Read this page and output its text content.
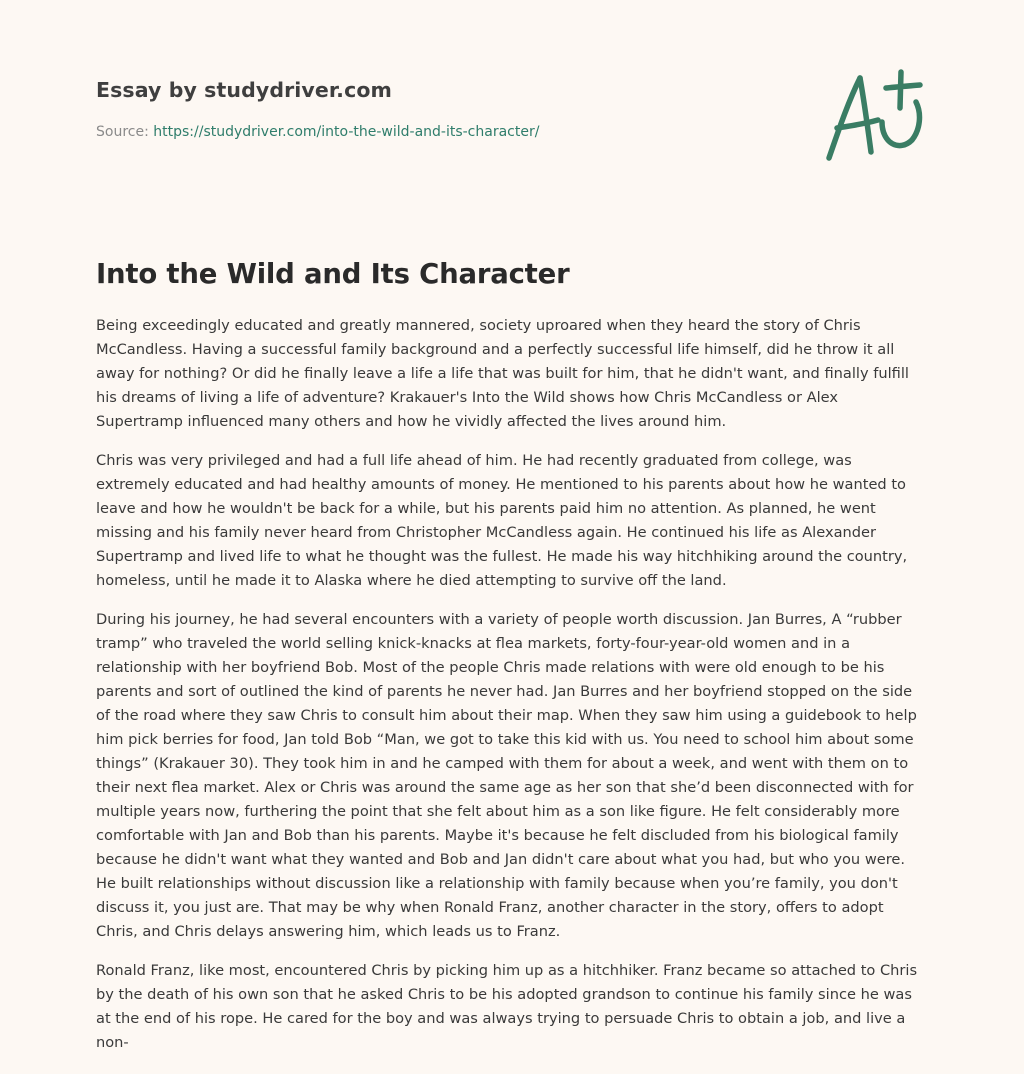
Essay by studydriver.com
Source: https://studydriver.com/into-the-wild-and-its-character/
Into the Wild and Its Character

Being exceedingly educated and greatly mannered, society uproared when they heard the story of Chris McCandless. Having a successful family background and a perfectly successful life himself, did he throw it all away for nothing? Or did he finally leave a life a life that was built for him, that he didn't want, and finally fulfill his dreams of living a life of adventure? Krakauer's Into the Wild shows how Chris McCandless or Alex Supertramp influenced many others and how he vividly affected the lives around him.

Chris was very privileged and had a full life ahead of him. He had recently graduated from college, was extremely educated and had healthy amounts of money. He mentioned to his parents about how he wanted to leave and how he wouldn't be back for a while, but his parents paid him no attention. As planned, he went missing and his family never heard from Christopher McCandless again. He continued his life as Alexander Supertramp and lived life to what he thought was the fullest. He made his way hitchhiking around the country, homeless, until he made it to Alaska where he died attempting to survive off the land.

During his journey, he had several encounters with a variety of people worth discussion. Jan Burres, A “rubber tramp” who traveled the world selling knick-knacks at flea markets, forty-four-year-old women and in a relationship with her boyfriend Bob. Most of the people Chris made relations with were old enough to be his parents and sort of outlined the kind of parents he never had. Jan Burres and her boyfriend stopped on the side of the road where they saw Chris to consult him about their map. When they saw him using a guidebook to help him pick berries for food, Jan told Bob “Man, we got to take this kid with us. You need to school him about some things” (Krakauer 30). They took him in and he camped with them for about a week, and went with them on to their next flea market. Alex or Chris was around the same age as her son that she’d been disconnected with for multiple years now, furthering the point that she felt about him as a son like figure. He felt considerably more comfortable with Jan and Bob than his parents. Maybe it's because he felt discluded from his biological family because he didn't want what they wanted and Bob and Jan didn't care about what you had, but who you were. He built relationships without discussion like a relationship with family because when you’re family, you don't discuss it, you just are. That may be why when Ronald Franz, another character in the story, offers to adopt Chris, and Chris delays answering him, which leads us to Franz.

Ronald Franz, like most, encountered Chris by picking him up as a hitchhiker. Franz became so attached to Chris by the death of his own son that he asked Chris to be his adopted grandson to continue his family since he was at the end of his rope. He cared for the boy and was always trying to persuade Chris to obtain a job, and live a non-
